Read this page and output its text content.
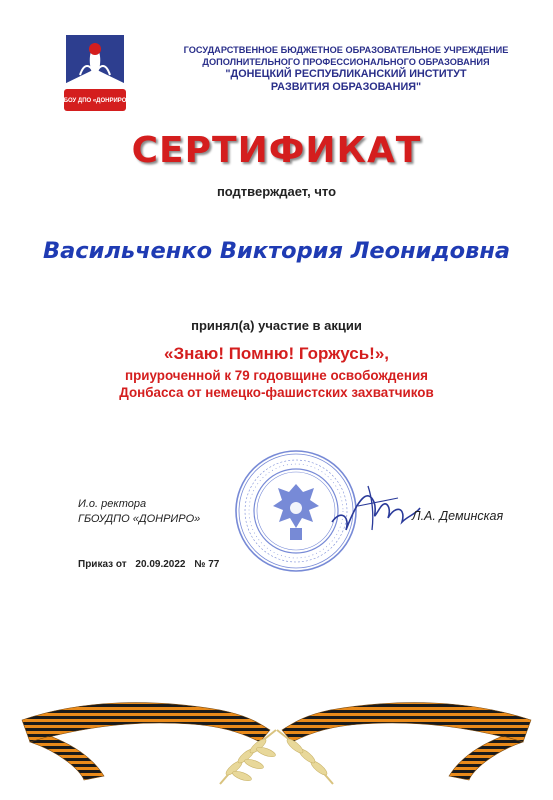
ГБОУ ДПО «ДОНРИРО»
ГОСУДАРСТВЕННОЕ БЮДЖЕТНОЕ ОБРАЗОВАТЕЛЬНОЕ УЧРЕЖДЕНИЕ
ДОПОЛНИТЕЛЬНОГО ПРОФЕССИОНАЛЬНОГО ОБРАЗОВАНИЯ
"ДОНЕЦКИЙ РЕСПУБЛИКАНСКИЙ ИНСТИТУТ
РАЗВИТИЯ ОБРАЗОВАНИЯ"
СЕРТИФИКАТ
подтверждает, что
Васильченко Виктория Леонидовна
принял(а) участие в акции
«Знаю! Помню! Горжусь!»,
приуроченной к 79 годовщине освобождения
Донбасса от немецко-фашистских захватчиков
И.о. ректора
ГБОУДПО «ДОНРИРО»	Л.А. Деминская
Приказ от 20.09.2022 № 77
